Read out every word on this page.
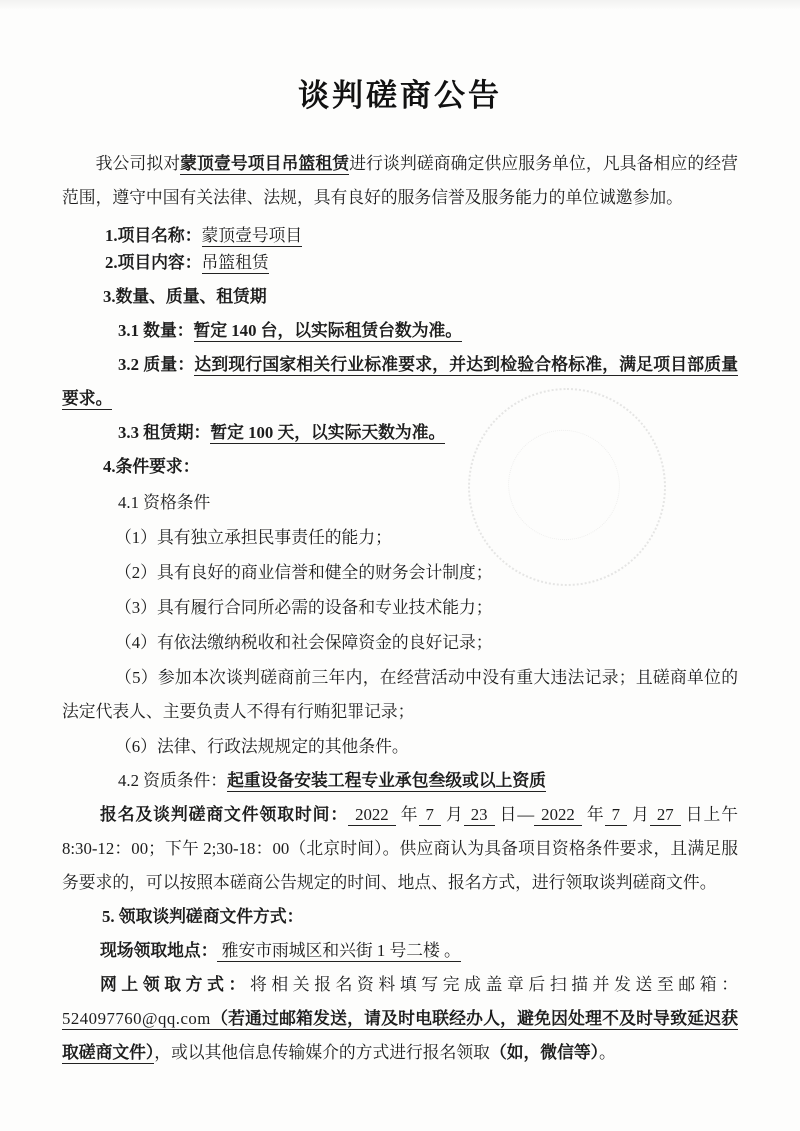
谈判磋商公告

我公司拟对蒙顶壹号项目吊篮租赁进行谈判磋商确定供应服务单位，凡具备相应的经营范围，遵守中国有关法律、法规，具有良好的服务信誉及服务能力的单位诚邀参加。

1.项目名称：蒙顶壹号项目

2.项目内容：吊篮租赁

3.数量、质量、租赁期

3.1 数量：暂定 140 台，以实际租赁台数为准。

3.2 质量：达到现行国家相关行业标准要求，并达到检验合格标准，满足项目部质量要求。

3.3 租赁期：暂定 100 天，以实际天数为准。

4.条件要求：

4.1 资格条件

（1）具有独立承担民事责任的能力；

（2）具有良好的商业信誉和健全的财务会计制度；

（3）具有履行合同所必需的设备和专业技术能力；

（4）有依法缴纳税收和社会保障资金的良好记录；

（5）参加本次谈判磋商前三年内，在经营活动中没有重大违法记录；且磋商单位的法定代表人、主要负责人不得有行贿犯罪记录；

（6）法律、行政法规规定的其他条件。

4.2 资质条件：起重设备安装工程专业承包叁级或以上资质

报名及谈判磋商文件领取时间： 2022 年 7 月 23 日— 2022 年 7 月 27 日上午 8:30-12：00；下午 2;30-18：00（北京时间）。供应商认为具备项目资格条件要求，且满足服务要求的，可以按照本磋商公告规定的时间、地点、报名方式，进行领取谈判磋商文件。

5. 领取谈判磋商文件方式：

现场领取地点： 雅安市雨城区和兴街 1 号二楼 。

网上领取方式：将相关报名资料填写完成盖章后扫描并发送至邮箱： 524097760@qq.com（若通过邮箱发送，请及时电联经办人，避免因处理不及时导致延迟获取磋商文件），或以其他信息传输媒介的方式进行报名领取（如，微信等）。
